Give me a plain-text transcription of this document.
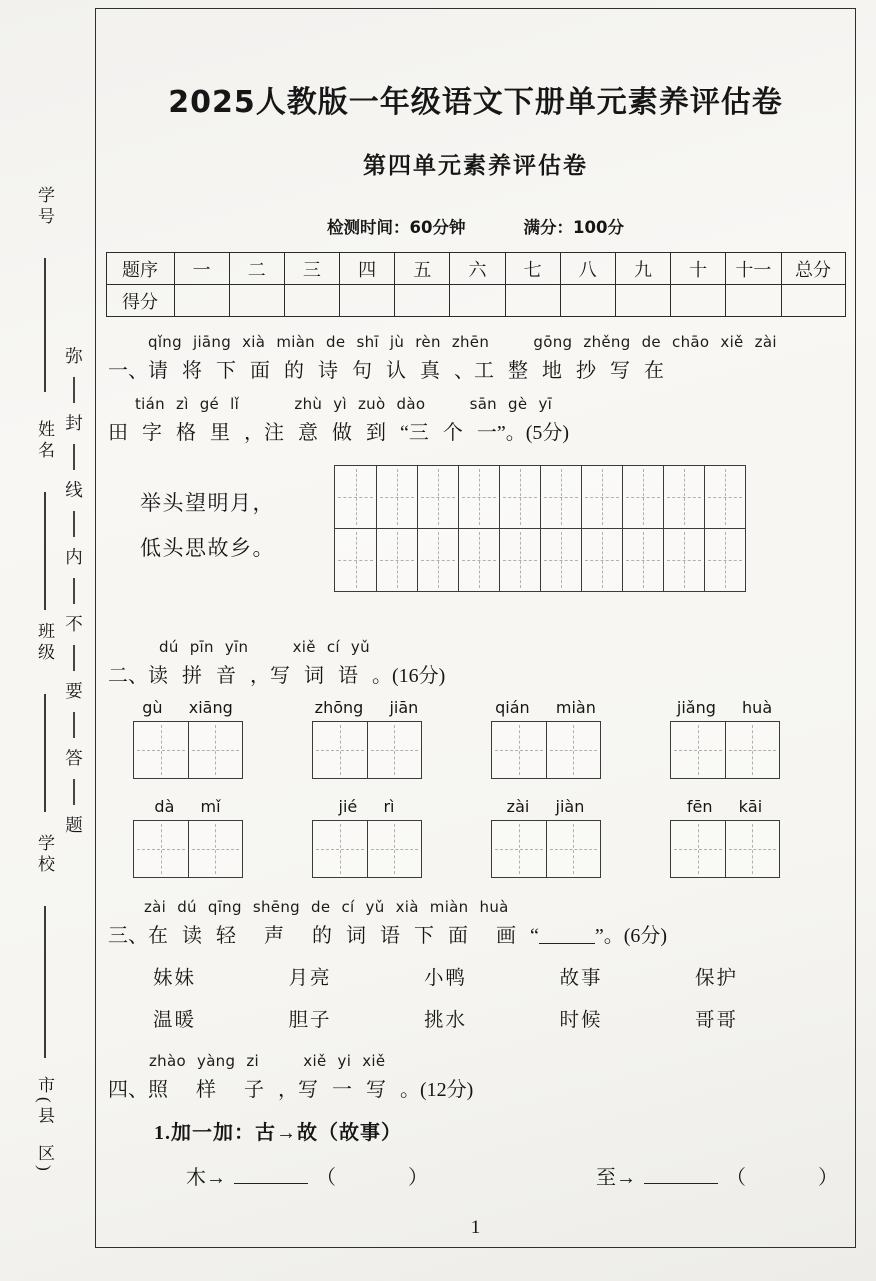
学号
姓名
班级
学校
市(县  区)
弥
封
线
内
不
要
答
题
2025人教版一年级语文下册单元素养评估卷
第四单元素养评估卷
检测时间：60分钟	满分：100分
题序	一	二	三	四	五	六	七	八	九	十	十一	总分
得分												
qǐng jiāng xià miàn de shī jù rèn zhēn    gōng zhěng de chāo xiě zài
一、请 将 下 面 的 诗 句 认 真 、工 整 地 抄 写 在
tián zì gé lǐ     zhù yì zuò dào    sān gè yī
田 字 格 里 ，注 意 做 到 “三 个 一”。(5分)
举头望明月，
低头思故乡。
dú pīn yīn    xiě cí yǔ
二、读 拼 音 ，写 词 语 。(16分)
gù  xiāng	zhōng  jiān	qián  miàn	jiǎng  huà
dà  mǐ	jié  rì	zài  jiàn	fēn  kāi
zài dú qīng shēng de cí yǔ xià miàn huà
三、在 读 轻  声  的 词 语 下 面  画 “	”。(6分)
妹妹	月亮	小鸭	故事	保护
温暖	胆子	挑水	时候	哥哥
zhào yàng zi    xiě yi xiě
四、照  样  子 ，写 一 写 。(12分)
1.加一加：古→故（故事）
木→	（	）	至→	（	）
1
